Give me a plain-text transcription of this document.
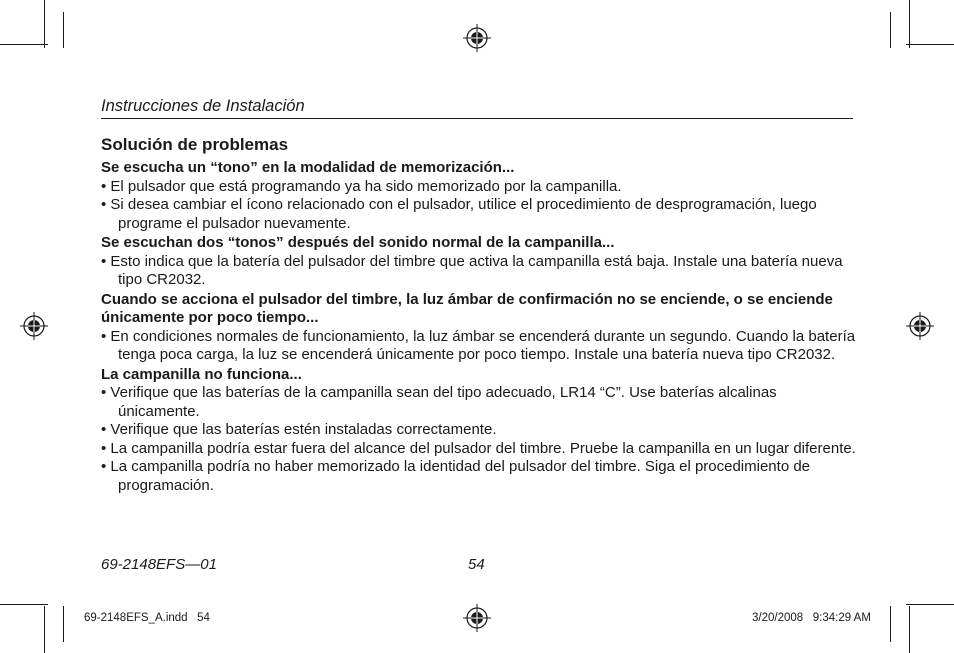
Instrucciones de Instalación
Solución de problemas
Se escucha un “tono” en la modalidad de memorización...
• El pulsador que está programando ya ha sido memorizado por la campanilla.
• Si desea cambiar el ícono relacionado con el pulsador, utilice el procedimiento de desprogramación, luego programe el pulsador nuevamente.
Se escuchan dos “tonos” después del sonido normal de la campanilla...
• Esto indica que la batería del pulsador del timbre que activa la campanilla está baja. Instale una batería nueva tipo CR2032.
Cuando se acciona el pulsador del timbre, la luz ámbar de confirmación no se enciende, o se enciende únicamente por poco tiempo...
• En condiciones normales de funcionamiento, la luz ámbar se encenderá durante un segundo. Cuando la batería tenga poca carga, la luz se encenderá únicamente por poco tiempo. Instale una batería nueva tipo CR2032.
La campanilla no funciona...
• Verifique que las baterías de la campanilla sean del tipo adecuado, LR14 “C”. Use baterías alcalinas únicamente.
• Verifique que las baterías estén instaladas correctamente.
• La campanilla podría estar fuera del alcance del pulsador del timbre. Pruebe la campanilla en un lugar diferente.
• La campanilla podría no haber memorizado la identidad del pulsador del timbre. Siga el procedimiento de programación.
69-2148EFS—01	54
69-2148EFS_A.indd   54	3/20/2008   9:34:29 AM
